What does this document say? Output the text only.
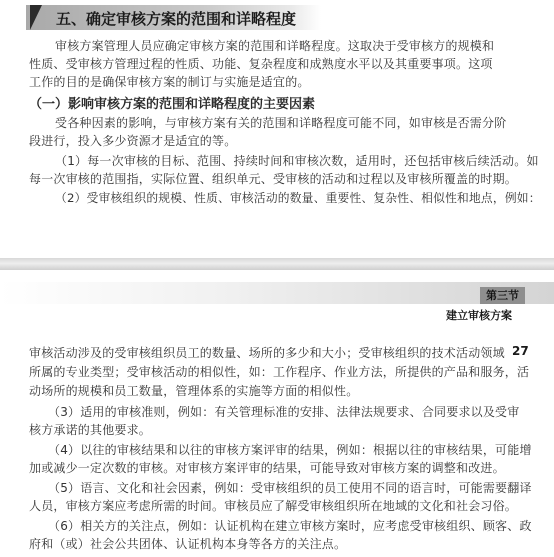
五、确定审核方案的范围和详略程度
审核方案管理人员应确定审核方案的范围和详略程度。这取决于受审核方的规模和
性质、受审核方管理过程的性质、功能、复杂程度和成熟度水平以及其重要事项。这项
工作的目的是确保审核方案的制订与实施是适宜的。
（一）影响审核方案的范围和详略程度的主要因素
受各种因素的影响，与审核方案有关的范围和详略程度可能不同，如审核是否需分阶
段进行，投入多少资源才是适宜的等。
（1）每一次审核的目标、范围、持续时间和审核次数，适用时，还包括审核后续活动。如
每一次审核的范围指，实际位置、组织单元、受审核的活动和过程以及审核所覆盖的时期。
（2）受审核组织的规模、性质、审核活动的数量、重要性、复杂性、相似性和地点，例如：
第三节
建立审核方案
27
审核活动涉及的受审核组织员工的数量、场所的多少和大小；受审核组织的技术活动领域
所属的专业类型；受审核活动的相似性，如：工作程序、作业方法，所提供的产品和服务，活
动场所的规模和员工数量，管理体系的实施等方面的相似性。
（3）适用的审核准则，例如：有关管理标准的安排、法律法规要求、合同要求以及受审
核方承诺的其他要求。
（4）以往的审核结果和以往的审核方案评审的结果，例如：根据以往的审核结果，可能增
加或减少一定次数的审核。对审核方案评审的结果，可能导致对审核方案的调整和改进。
（5）语言、文化和社会因素，例如：受审核组织的员工使用不同的语言时，可能需要翻译
人员，审核方案应考虑所需的时间。审核员应了解受审核组织所在地域的文化和社会习俗。
（6）相关方的关注点，例如：认证机构在建立审核方案时，应考虑受审核组织、顾客、政
府和（或）社会公共团体、认证机构本身等各方的关注点。
